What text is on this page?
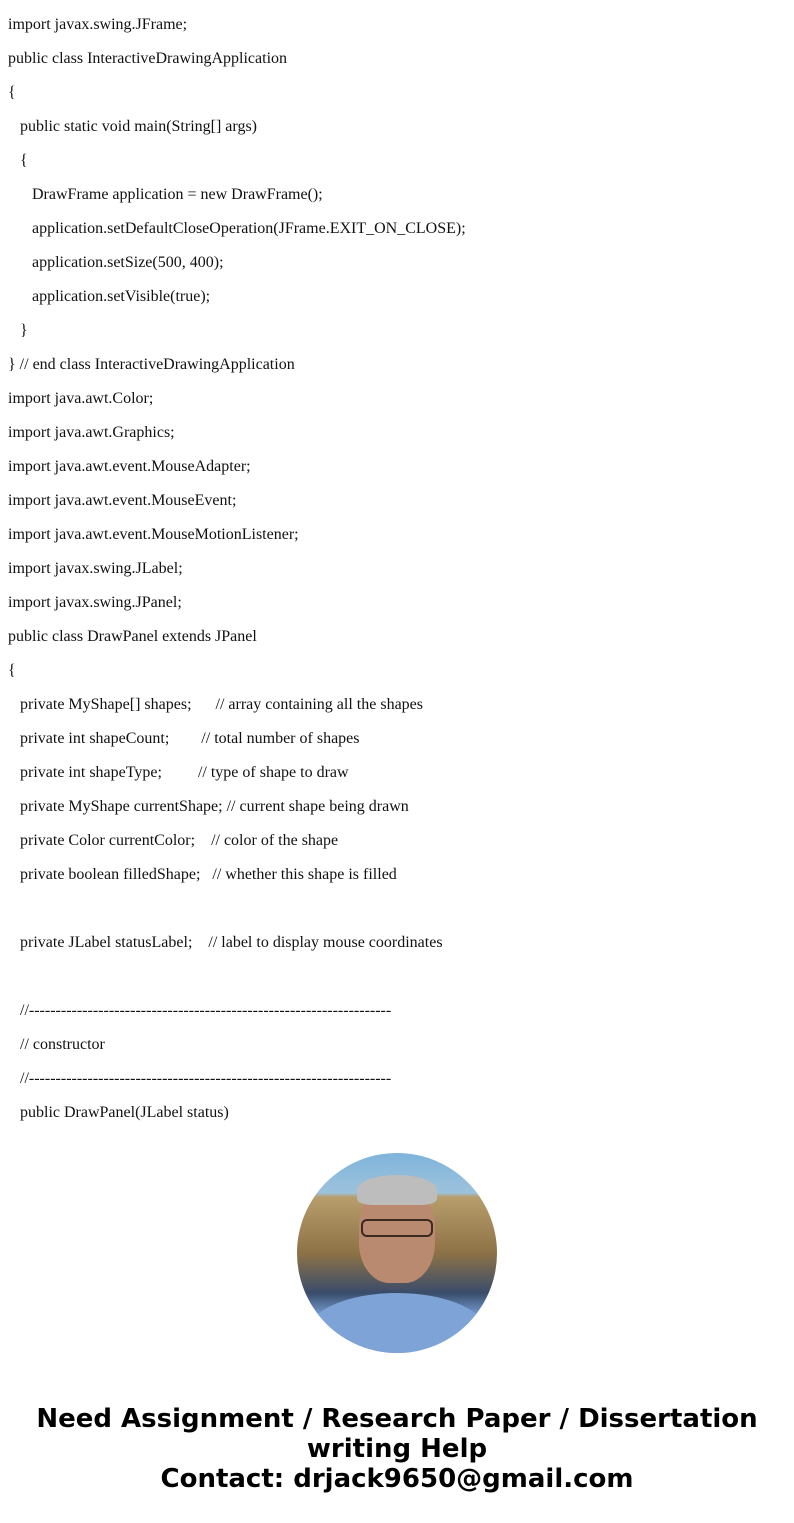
import javax.swing.JFrame;
public class InteractiveDrawingApplication
{
public static void main(String[] args)
{
DrawFrame application = new DrawFrame();
application.setDefaultCloseOperation(JFrame.EXIT_ON_CLOSE);
application.setSize(500, 400);
application.setVisible(true);
}
} // end class InteractiveDrawingApplication
import java.awt.Color;
import java.awt.Graphics;
import java.awt.event.MouseAdapter;
import java.awt.event.MouseEvent;
import java.awt.event.MouseMotionListener;
import javax.swing.JLabel;
import javax.swing.JPanel;
public class DrawPanel extends JPanel
{
private MyShape[] shapes;      // array containing all the shapes
private int shapeCount;        // total number of shapes
private int shapeType;         // type of shape to draw
private MyShape currentShape; // current shape being drawn
private Color currentColor;    // color of the shape
private boolean filledShape;   // whether this shape is filled
private JLabel statusLabel;    // label to display mouse coordinates
//--------------------------------------------------------------------
// constructor
//--------------------------------------------------------------------
public DrawPanel(JLabel status)
Need Assignment / Research Paper / Dissertation
writing Help
Contact: drjack9650@gmail.com
